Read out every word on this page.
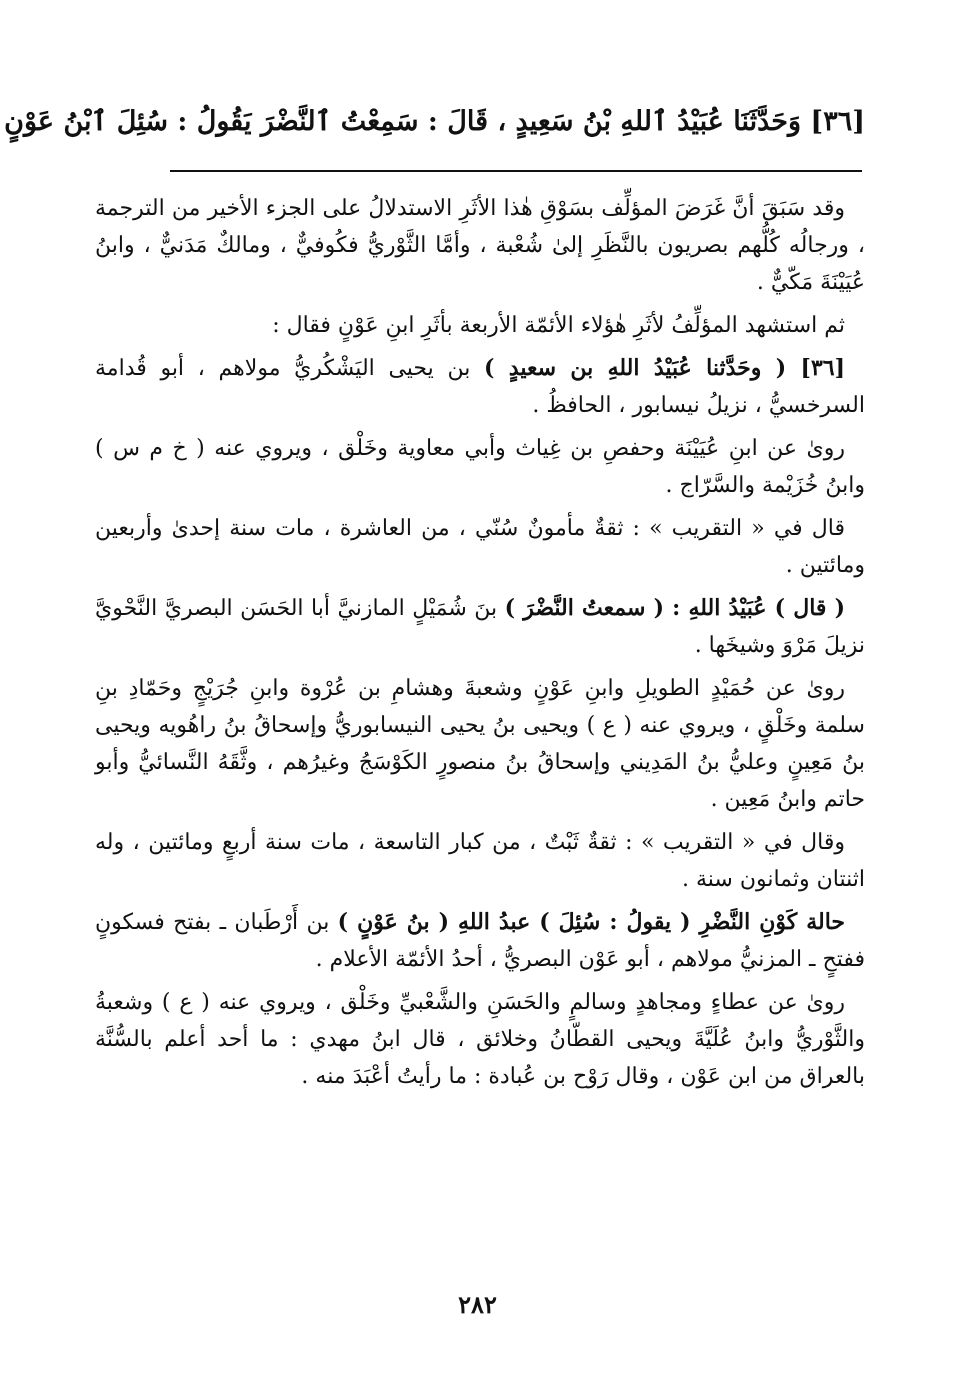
[٣٦] وَحَدَّثَنَا عُبَيْدُ ٱللهِ بْنُ سَعِيدٍ ، قَالَ : سَمِعْتُ ٱلنَّضْرَ يَقُولُ : سُئِلَ ٱبْنُ عَوْنٍ

وقد سَبَقَ أنَّ غَرَضَ المؤلِّف بسَوْقِ هٰذا الأثَرِ الاستدلالُ على الجزء الأخير من الترجمة ، ورجالُه كُلُّهم بصريون بالنَّظَرِ إلىٰ شُعْبة ، وأمَّا الثَّوْريُّ فكُوفيٌّ ، ومالكٌ مَدَنيٌّ ، وابنُ عُيَيْنَةَ مَكّيٌّ .

ثم استشهد المؤلِّفُ لأثَرِ هٰؤلاء الأئمّة الأربعة بأثَرِ ابنِ عَوْنٍ فقال :

[٣٦] ( وحَدَّثنا عُبَيْدُ اللهِ بن سعيدٍ ) بن يحيى اليَشْكُريُّ مولاهم ، أبو قُدامة السرخسيُّ ، نزيلُ نيسابور ، الحافظُ .

روىٰ عن ابنِ عُيَيْنَة وحفصِ بن غِياث وأبي معاوية وخَلْق ، ويروي عنه ( خ م س ) وابنُ خُزَيْمة والسَّرّاج .

قال في « التقريب » : ثقةٌ مأمونٌ سُنّي ، من العاشرة ، مات سنة إحدىٰ وأربعين ومائتين .

( قال ) عُبَيْدُ اللهِ : ( سمعتُ النَّضْرَ ) بنَ شُمَيْلٍ المازنيَّ أبا الحَسَن البصريَّ النَّحْويَّ نزيلَ مَرْوَ وشيخَها .

روىٰ عن حُمَيْدٍ الطويلِ وابنِ عَوْنٍ وشعبةَ وهشامِ بن عُرْوة وابنِ جُرَيْجٍ وحَمّادِ بنِ سلمة وخَلْقٍ ، ويروي عنه ( ع ) ويحيى بنُ يحيى النيسابوريُّ وإسحاقُ بنُ راهُويه ويحيى بنُ مَعِينٍ وعليُّ بنُ المَدِيني وإسحاقُ بنُ منصورٍ الكَوْسَجُ وغيرُهم ، وثَّقَهُ النَّسائيُّ وأبو حاتم وابنُ مَعِين .

وقال في « التقريب » : ثقةٌ ثَبْتٌ ، من كبار التاسعة ، مات سنة أربعٍ ومائتين ، وله اثنتان وثمانون سنة .

حالة كَوْنِ النَّضْرِ ( يقولُ : سُئِلَ ) عبدُ اللهِ ( بنُ عَوْنٍ ) بن أَرْطَبان ـ بفتح فسكونٍ ففتحٍ ـ المزنيُّ مولاهم ، أبو عَوْن البصريُّ ، أحدُ الأئمّة الأعلام .

روىٰ عن عطاءٍ ومجاهدٍ وسالمٍ والحَسَنِ والشَّعْبيِّ وخَلْق ، ويروي عنه ( ع ) وشعبةُ والثَّوْريُّ وابنُ عُلَيَّةَ ويحيى القطّانُ وخلائق ، قال ابنُ مهدي : ما أحد أعلم بالسُّنَّة بالعراق من ابن عَوْن ، وقال رَوْح بن عُبادة : ما رأيتُ أعْبَدَ منه .

٢٨٢
